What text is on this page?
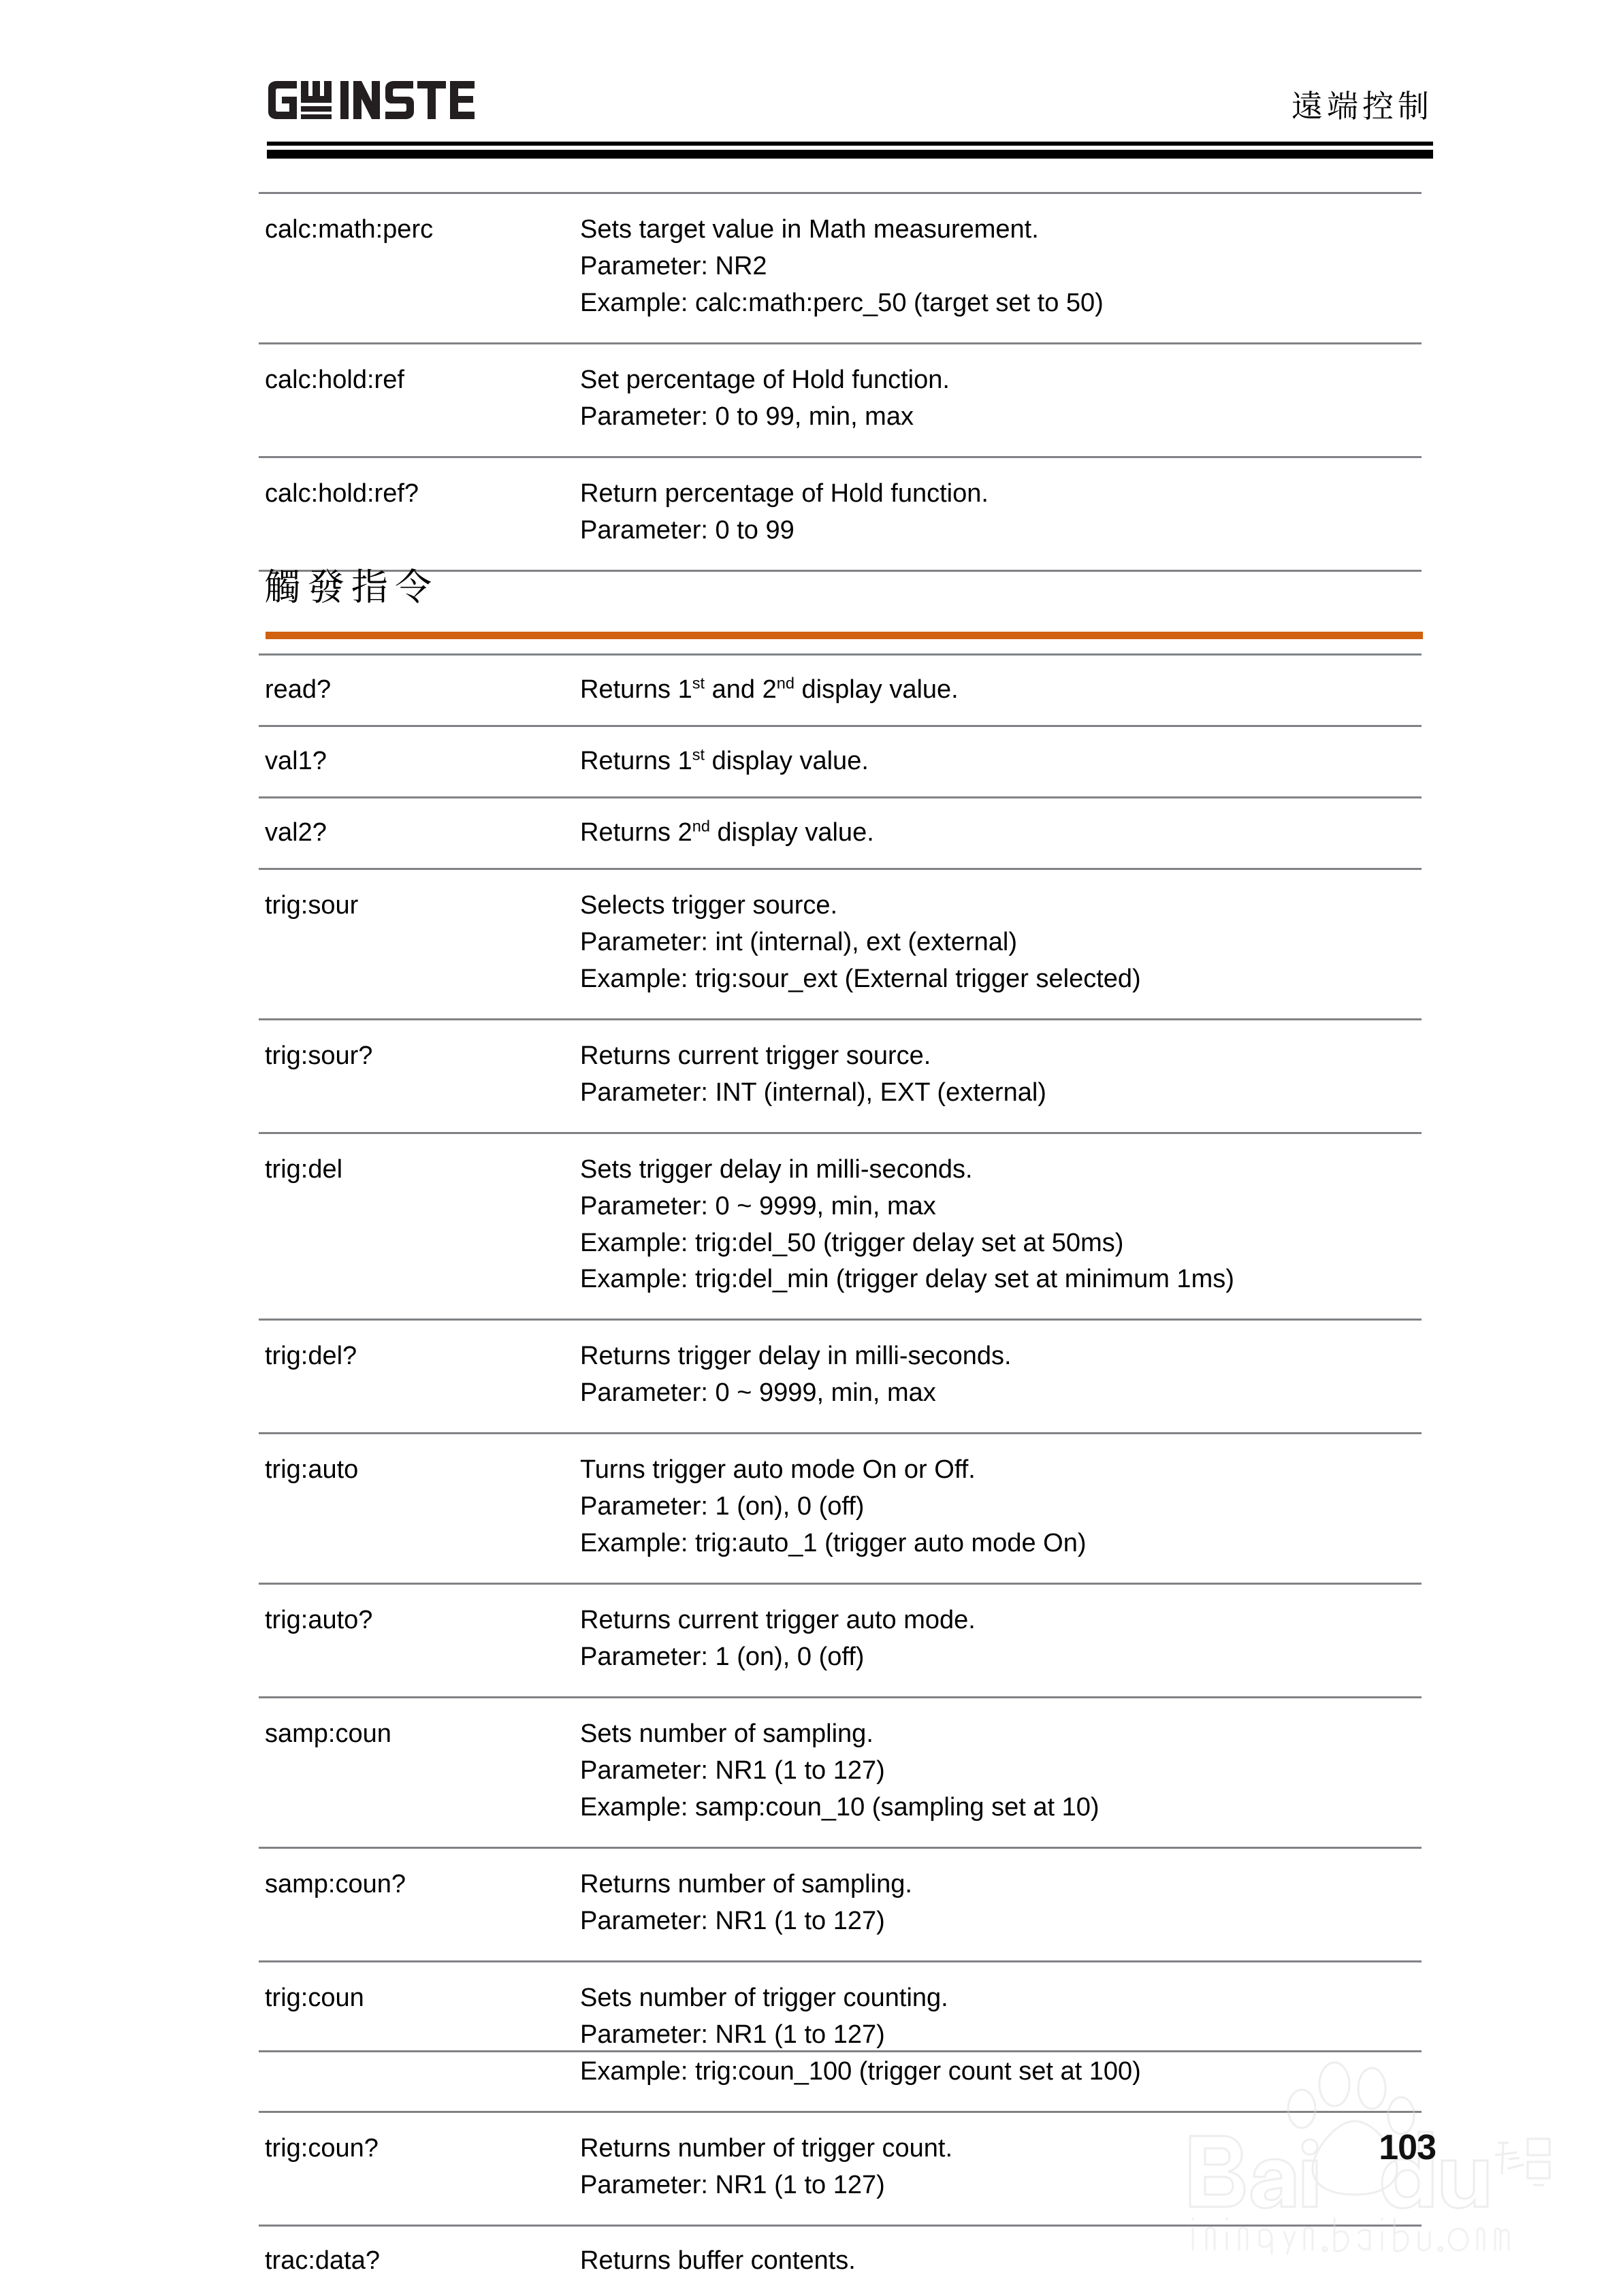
遠端控制
calc:math:perc	Sets target value in Math measurement.
Parameter: NR2
Example: calc:math:perc_50 (target set to 50)

calc:hold:ref	Set percentage of Hold function.
Parameter: 0 to 99, min, max

calc:hold:ref?	Return percentage of Hold function.
Parameter: 0 to 99
觸發指令
read?	Returns 1st and 2nd display value.

val1?	Returns 1st display value.

val2?	Returns 2nd display value.

trig:sour	Selects trigger source.
Parameter: int (internal), ext (external)
Example: trig:sour_ext (External trigger selected)

trig:sour?	Returns current trigger source.
Parameter: INT (internal), EXT (external)

trig:del	Sets trigger delay in milli-seconds.
Parameter: 0 ~ 9999, min, max
Example: trig:del_50 (trigger delay set at 50ms)
Example: trig:del_min (trigger delay set at minimum 1ms)

trig:del?	Returns trigger delay in milli-seconds.
Parameter: 0 ~ 9999, min, max

trig:auto	Turns trigger auto mode On or Off.
Parameter: 1 (on), 0 (off)
Example: trig:auto_1 (trigger auto mode On)

trig:auto?	Returns current trigger auto mode.
Parameter: 1 (on), 0 (off)

samp:coun	Sets number of sampling.
Parameter: NR1 (1 to 127)
Example: samp:coun_10 (sampling set at 10)

samp:coun?	Returns number of sampling.
Parameter: NR1 (1 to 127)

trig:coun	Sets number of trigger counting.
Parameter: NR1 (1 to 127)
Example: trig:coun_100 (trigger count set at 100)

trig:coun?	Returns number of trigger count.
Parameter: NR1 (1 to 127)

trac:data?	Returns buffer contents.
103
